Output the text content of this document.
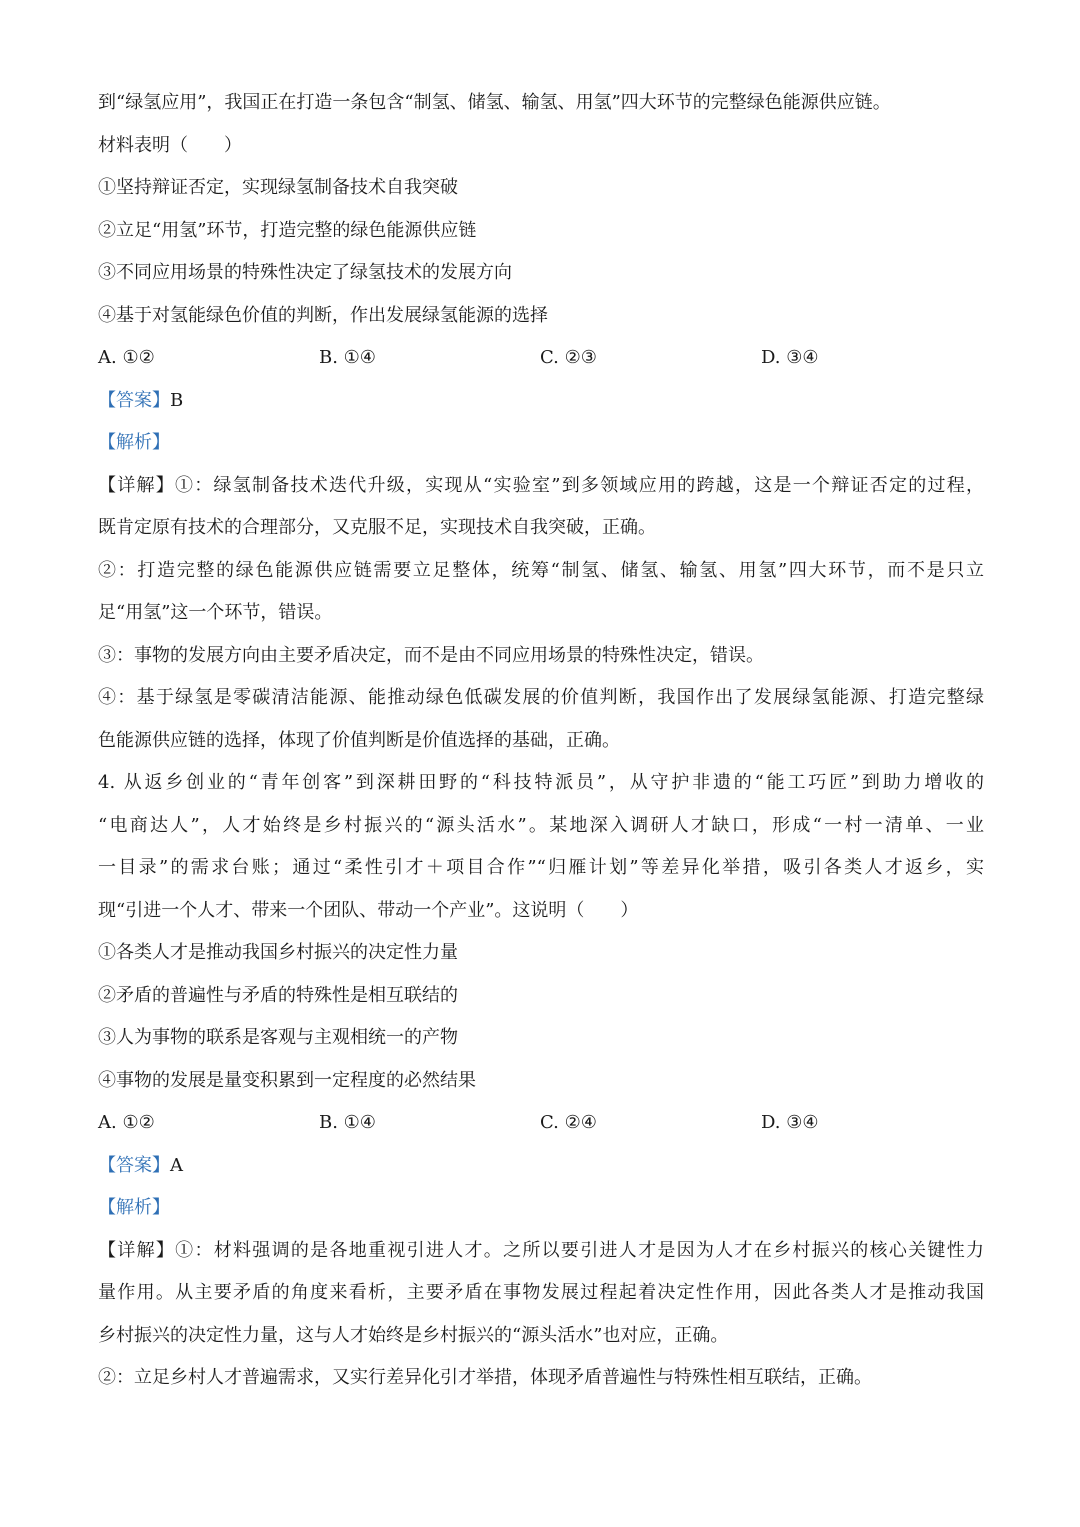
到“绿氢应用”，我国正在打造一条包含“制氢、储氢、输氢、用氢”四大环节的完整绿色能源供应链。

材料表明（　　）

①坚持辩证否定，实现绿氢制备技术自我突破

②立足“用氢”环节，打造完整的绿色能源供应链

③不同应用场景的特殊性决定了绿氢技术的发展方向

④基于对氢能绿色价值的判断，作出发展绿氢能源的选择

A. ①②	B. ①④	C. ②③	D. ③④

【答案】B

【解析】

【详解】①：绿氢制备技术迭代升级，实现从“实验室”到多领域应用的跨越，这是一个辩证否定的过程，

既肯定原有技术的合理部分，又克服不足，实现技术自我突破，正确。

②：打造完整的绿色能源供应链需要立足整体，统筹“制氢、储氢、输氢、用氢”四大环节，而不是只立

足“用氢”这一个环节，错误。

③：事物的发展方向由主要矛盾决定，而不是由不同应用场景的特殊性决定，错误。

④：基于绿氢是零碳清洁能源、能推动绿色低碳发展的价值判断，我国作出了发展绿氢能源、打造完整绿

色能源供应链的选择，体现了价值判断是价值选择的基础，正确。

4. 从返乡创业的“青年创客”到深耕田野的“科技特派员”，从守护非遗的“能工巧匠”到助力增收的

“电商达人”，人才始终是乡村振兴的“源头活水”。某地深入调研人才缺口，形成“一村一清单、一业

一目录”的需求台账；通过“柔性引才＋项目合作”“归雁计划”等差异化举措，吸引各类人才返乡，实

现“引进一个人才、带来一个团队、带动一个产业”。这说明（　　）

①各类人才是推动我国乡村振兴的决定性力量

②矛盾的普遍性与矛盾的特殊性是相互联结的

③人为事物的联系是客观与主观相统一的产物

④事物的发展是量变积累到一定程度的必然结果

A. ①②	B. ①④	C. ②④	D. ③④

【答案】A

【解析】

【详解】①：材料强调的是各地重视引进人才。之所以要引进人才是因为人才在乡村振兴的核心关键性力

量作用。从主要矛盾的角度来看析，主要矛盾在事物发展过程起着决定性作用，因此各类人才是推动我国

乡村振兴的决定性力量，这与人才始终是乡村振兴的“源头活水”也对应，正确。

②：立足乡村人才普遍需求，又实行差异化引才举措，体现矛盾普遍性与特殊性相互联结，正确。
